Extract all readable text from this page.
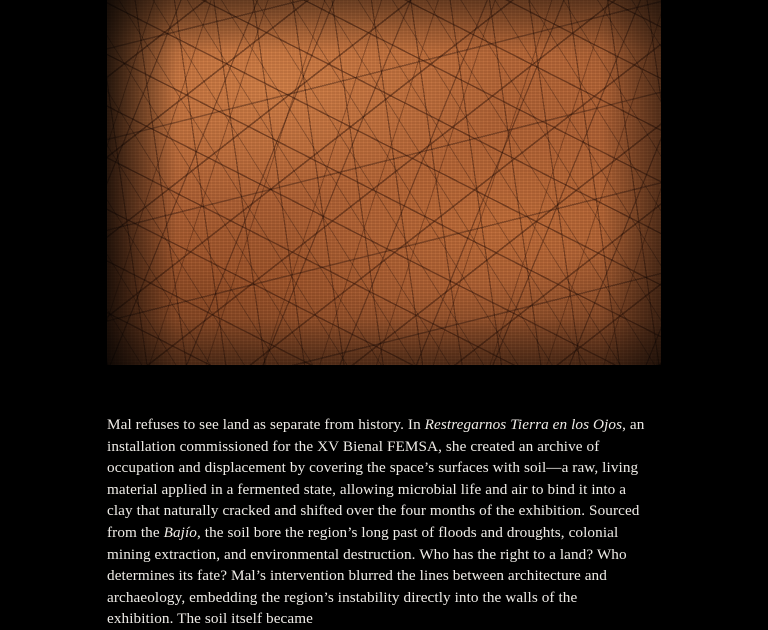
Mal refuses to see land as separate from history. In Restregarnos Tierra en los Ojos, an installation commissioned for the XV Bienal FEMSA, she created an archive of occupation and displacement by covering the space’s surfaces with soil—a raw, living material applied in a fermented state, allowing microbial life and air to bind it into a clay that naturally cracked and shifted over the four months of the exhibition. Sourced from the Bajío, the soil bore the region’s long past of floods and droughts, colonial mining extraction, and environmental destruction. Who has the right to a land? Who determines its fate? Mal’s intervention blurred the lines between architecture and archaeology, embedding the region’s instability directly into the walls of the exhibition. The soil itself became
